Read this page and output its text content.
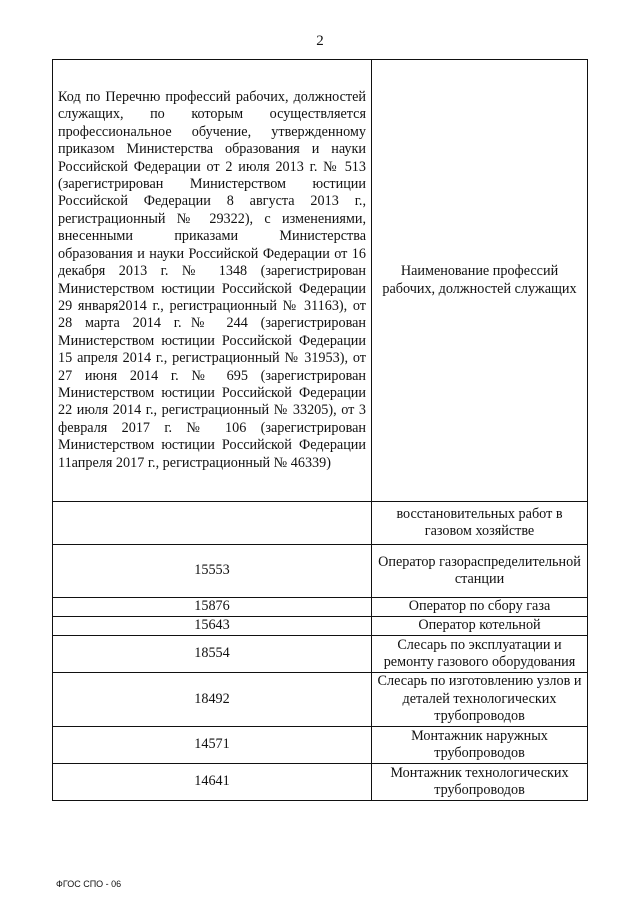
2
Код по Перечню профессий рабочих, должностей служащих, по которым осуществляется профессиональное обучение, утвержденному приказом Министерства образования и науки Российской Федерации от 2 июля 2013 г. № 513 (зарегистрирован Министерством юстиции Российской Федерации 8 августа 2013 г., регистрационный № 29322), с изменениями, внесенными приказами Министерства образования и науки Российской Федерации от 16 декабря 2013 г. № 1348 (зарегистрирован Министерством юстиции Российской Федерации 29 января2014 г., регистрационный № 31163), от 28 марта 2014 г.№ 244 (зарегистрирован Министерством юстиции Российской Федерации 15 апреля 2014 г., регистрационный № 31953), от 27 июня 2014 г. № 695 (зарегистрирован Министерством юстиции Российской Федерации 22 июля 2014 г., регистрационный № 33205), от 3 февраля 2017 г. № 106 (зарегистрирован Министерством юстиции Российской Федерации 11апреля 2017 г., регистрационный № 46339)	Наименование профессий рабочих, должностей служащих
	восстановительных работ в газовом хозяйстве
15553	Оператор газораспределительной станции
15876	Оператор по сбору газа
15643	Оператор котельной
18554	Слесарь по эксплуатации и ремонту газового оборудования
18492	Слесарь по изготовлению узлов и деталей технологических трубопроводов
14571	Монтажник наружных трубопроводов
14641	Монтажник технологических трубопроводов
ФГОС СПО - 06
